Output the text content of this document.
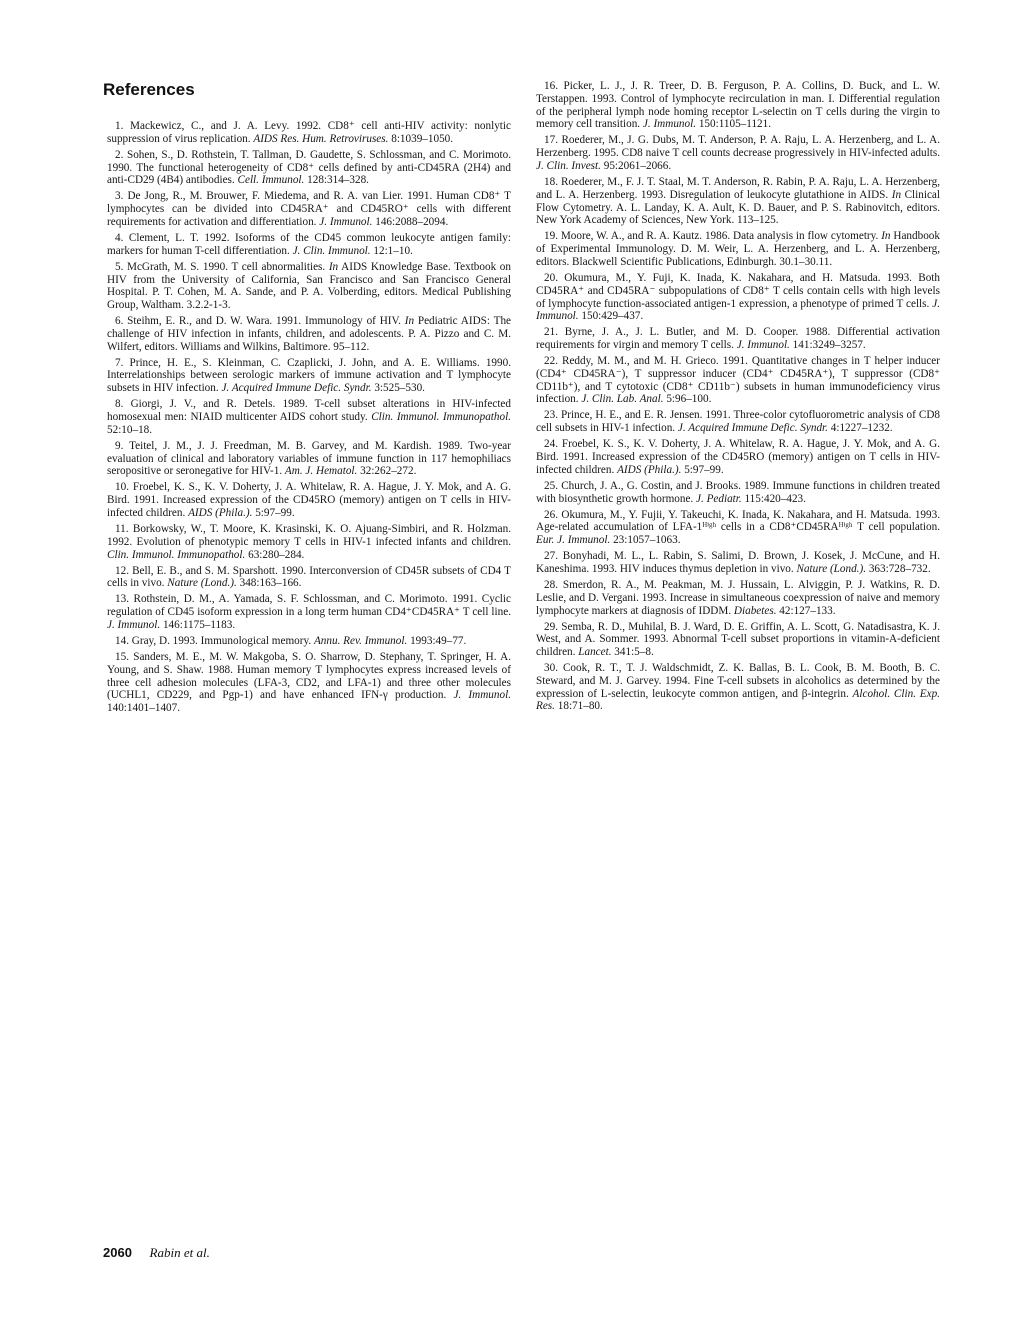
References

1. Mackewicz, C., and J. A. Levy. 1992. CD8⁺ cell anti-HIV activity: nonlytic suppression of virus replication. AIDS Res. Hum. Retroviruses. 8:1039–1050.

2. Sohen, S., D. Rothstein, T. Tallman, D. Gaudette, S. Schlossman, and C. Morimoto. 1990. The functional heterogeneity of CD8⁺ cells defined by anti-CD45RA (2H4) and anti-CD29 (4B4) antibodies. Cell. Immunol. 128:314–328.

3. De Jong, R., M. Brouwer, F. Miedema, and R. A. van Lier. 1991. Human CD8⁺ T lymphocytes can be divided into CD45RA⁺ and CD45RO⁺ cells with different requirements for activation and differentiation. J. Immunol. 146:2088–2094.

4. Clement, L. T. 1992. Isoforms of the CD45 common leukocyte antigen family: markers for human T-cell differentiation. J. Clin. Immunol. 12:1–10.

5. McGrath, M. S. 1990. T cell abnormalities. In AIDS Knowledge Base. Textbook on HIV from the University of California, San Francisco and San Francisco General Hospital. P. T. Cohen, M. A. Sande, and P. A. Volberding, editors. Medical Publishing Group, Waltham. 3.2.2-1-3.

6. Steihm, E. R., and D. W. Wara. 1991. Immunology of HIV. In Pediatric AIDS: The challenge of HIV infection in infants, children, and adolescents. P. A. Pizzo and C. M. Wilfert, editors. Williams and Wilkins, Baltimore. 95–112.

7. Prince, H. E., S. Kleinman, C. Czaplicki, J. John, and A. E. Williams. 1990. Interrelationships between serologic markers of immune activation and T lymphocyte subsets in HIV infection. J. Acquired Immune Defic. Syndr. 3:525–530.

8. Giorgi, J. V., and R. Detels. 1989. T-cell subset alterations in HIV-infected homosexual men: NIAID multicenter AIDS cohort study. Clin. Immunol. Immunopathol. 52:10–18.

9. Teitel, J. M., J. J. Freedman, M. B. Garvey, and M. Kardish. 1989. Two-year evaluation of clinical and laboratory variables of immune function in 117 hemophiliacs seropositive or seronegative for HIV-1. Am. J. Hematol. 32:262–272.

10. Froebel, K. S., K. V. Doherty, J. A. Whitelaw, R. A. Hague, J. Y. Mok, and A. G. Bird. 1991. Increased expression of the CD45RO (memory) antigen on T cells in HIV-infected children. AIDS (Phila.). 5:97–99.

11. Borkowsky, W., T. Moore, K. Krasinski, K. O. Ajuang-Simbiri, and R. Holzman. 1992. Evolution of phenotypic memory T cells in HIV-1 infected infants and children. Clin. Immunol. Immunopathol. 63:280–284.

12. Bell, E. B., and S. M. Sparshott. 1990. Interconversion of CD45R subsets of CD4 T cells in vivo. Nature (Lond.). 348:163–166.

13. Rothstein, D. M., A. Yamada, S. F. Schlossman, and C. Morimoto. 1991. Cyclic regulation of CD45 isoform expression in a long term human CD4⁺CD45RA⁺ T cell line. J. Immunol. 146:1175–1183.

14. Gray, D. 1993. Immunological memory. Annu. Rev. Immunol. 1993:49–77.

15. Sanders, M. E., M. W. Makgoba, S. O. Sharrow, D. Stephany, T. Springer, H. A. Young, and S. Shaw. 1988. Human memory T lymphocytes express increased levels of three cell adhesion molecules (LFA-3, CD2, and LFA-1) and three other molecules (UCHL1, CD229, and Pgp-1) and have enhanced IFN-γ production. J. Immunol. 140:1401–1407.

16. Picker, L. J., J. R. Treer, D. B. Ferguson, P. A. Collins, D. Buck, and L. W. Terstappen. 1993. Control of lymphocyte recirculation in man. I. Differential regulation of the peripheral lymph node homing receptor L-selectin on T cells during the virgin to memory cell transition. J. Immunol. 150:1105–1121.

17. Roederer, M., J. G. Dubs, M. T. Anderson, P. A. Raju, L. A. Herzenberg, and L. A. Herzenberg. 1995. CD8 naive T cell counts decrease progressively in HIV-infected adults. J. Clin. Invest. 95:2061–2066.

18. Roederer, M., F. J. T. Staal, M. T. Anderson, R. Rabin, P. A. Raju, L. A. Herzenberg, and L. A. Herzenberg. 1993. Disregulation of leukocyte glutathione in AIDS. In Clinical Flow Cytometry. A. L. Landay, K. A. Ault, K. D. Bauer, and P. S. Rabinovitch, editors. New York Academy of Sciences, New York. 113–125.

19. Moore, W. A., and R. A. Kautz. 1986. Data analysis in flow cytometry. In Handbook of Experimental Immunology. D. M. Weir, L. A. Herzenberg, and L. A. Herzenberg, editors. Blackwell Scientific Publications, Edinburgh. 30.1–30.11.

20. Okumura, M., Y. Fuji, K. Inada, K. Nakahara, and H. Matsuda. 1993. Both CD45RA⁺ and CD45RA⁻ subpopulations of CD8⁺ T cells contain cells with high levels of lymphocyte function-associated antigen-1 expression, a phenotype of primed T cells. J. Immunol. 150:429–437.

21. Byrne, J. A., J. L. Butler, and M. D. Cooper. 1988. Differential activation requirements for virgin and memory T cells. J. Immunol. 141:3249–3257.

22. Reddy, M. M., and M. H. Grieco. 1991. Quantitative changes in T helper inducer (CD4⁺ CD45RA⁻), T suppressor inducer (CD4⁺ CD45RA⁺), T suppressor (CD8⁺ CD11b⁺), and T cytotoxic (CD8⁺ CD11b⁻) subsets in human immunodeficiency virus infection. J. Clin. Lab. Anal. 5:96–100.

23. Prince, H. E., and E. R. Jensen. 1991. Three-color cytofluorometric analysis of CD8 cell subsets in HIV-1 infection. J. Acquired Immune Defic. Syndr. 4:1227–1232.

24. Froebel, K. S., K. V. Doherty, J. A. Whitelaw, R. A. Hague, J. Y. Mok, and A. G. Bird. 1991. Increased expression of the CD45RO (memory) antigen on T cells in HIV-infected children. AIDS (Phila.). 5:97–99.

25. Church, J. A., G. Costin, and J. Brooks. 1989. Immune functions in children treated with biosynthetic growth hormone. J. Pediatr. 115:420–423.

26. Okumura, M., Y. Fujii, Y. Takeuchi, K. Inada, K. Nakahara, and H. Matsuda. 1993. Age-related accumulation of LFA-1ᴴⁱᵍʰ cells in a CD8⁺CD45RAᴴⁱᵍʰ T cell population. Eur. J. Immunol. 23:1057–1063.

27. Bonyhadi, M. L., L. Rabin, S. Salimi, D. Brown, J. Kosek, J. McCune, and H. Kaneshima. 1993. HIV induces thymus depletion in vivo. Nature (Lond.). 363:728–732.

28. Smerdon, R. A., M. Peakman, M. J. Hussain, L. Alviggin, P. J. Watkins, R. D. Leslie, and D. Vergani. 1993. Increase in simultaneous coexpression of naive and memory lymphocyte markers at diagnosis of IDDM. Diabetes. 42:127–133.

29. Semba, R. D., Muhilal, B. J. Ward, D. E. Griffin, A. L. Scott, G. Natadisastra, K. J. West, and A. Sommer. 1993. Abnormal T-cell subset proportions in vitamin-A-deficient children. Lancet. 341:5–8.

30. Cook, R. T., T. J. Waldschmidt, Z. K. Ballas, B. L. Cook, B. M. Booth, B. C. Steward, and M. J. Garvey. 1994. Fine T-cell subsets in alcoholics as determined by the expression of L-selectin, leukocyte common antigen, and β-integrin. Alcohol. Clin. Exp. Res. 18:71–80.

2060 Rabin et al.
